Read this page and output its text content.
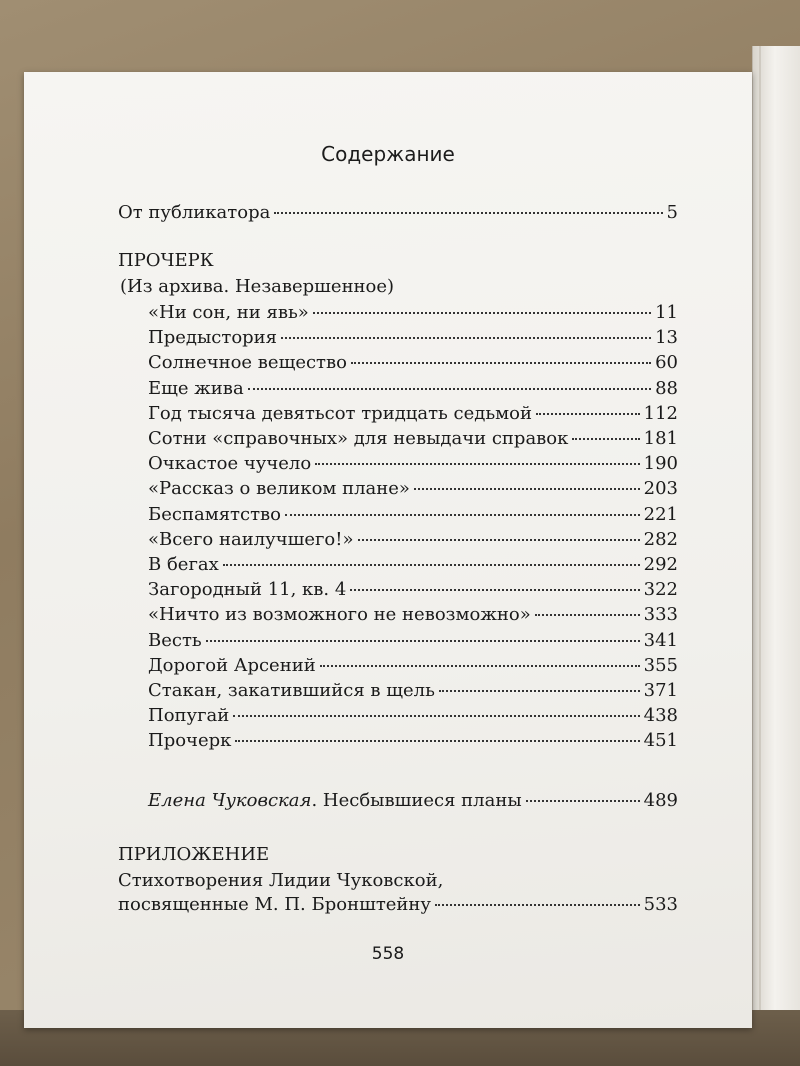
Содержание
От публикатора	5
ПРОЧЕРК
(Из архива. Незавершенное)
«Ни сон, ни явь»	11
Предыстория	13
Солнечное вещество	60
Еще жива	88
Год тысяча девятьсот тридцать седьмой	112
Сотни «справочных» для невыдачи справок	181
Очкастое чучело	190
«Рассказ о великом плане»	203
Беспамятство	221
«Всего наилучшего!»	282
В бегах	292
Загородный 11, кв. 4	322
«Ничто из возможного не невозможно»	333
Весть	341
Дорогой Арсений	355
Стакан, закатившийся в щель	371
Попугай	438
Прочерк	451
Елена Чуковская. Несбывшиеся планы	489
ПРИЛОЖЕНИЕ
Стихотворения Лидии Чуковской,
посвященные М. П. Бронштейну	533
558
